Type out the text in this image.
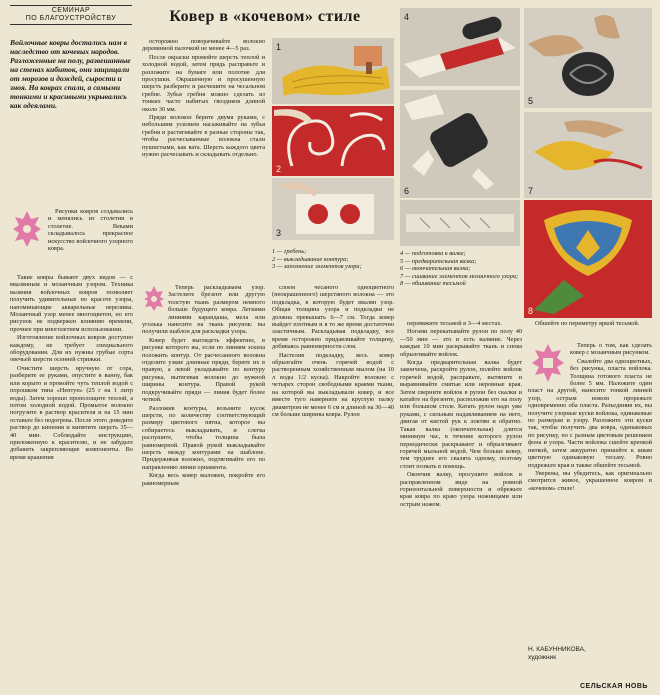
СЕМИНАР
ПО БЛАГОУСТРОЙСТВУ	Ковер в «кочевом» стиле
Войлочные ковры достались нам в наследство от кочевых народов. Разложенные на полу, развешанные на стенах кибиток, они защищали от морозов и дождей, сырости и зноя. На коврах спали, а самыми тонкими и красивыми укрывались как одеялами.

Рисунки ковров создавались и менялись из столетия в столетие. Веками складывалось прекрасное искусство войлочного узорного ковра.

Такие ковры бывают двух видов — с ввалянным и мозаичным узором. Техника валяния войлочных ковров позволяет получить удивительные по красоте узоры, напоминающие акварельные переливы. Мозаичный узор менее многоцветен, но его рисунок не подвержен влиянию времени, прочнее при многолетнем использовании.

Изготовление войлочных ковров доступно каждому, не требует специального оборудования. Для их нужны грубые сорта овечьей шерсти осенней стрижки.

Очистите шерсть вручную от сора, разберите ее руками, опустите в ванну, бак или корыто и промойте чуть теплой водой с порошком типа «Нептун» (25 г на 1 литр воды). Затем хорошо прополощите теплой, а потом холодной водой. Промытое волокно погрузите в раствор красителя и на 15 мин оставьте без подогрева. После этого доведите раствор до кипения и кипятите шерсть 35—40 мин. Соблюдайте инструкцию, приложенную к красителю, и не забудьте добавить закрепляющие компоненты. Во время крашения

осторожно поворачивайте волокно деревянной палочкой не менее 4—5 раз.

После окраски промойте шерсть теплой и холодной водой, затем прядь расправьте и разложите на бумаге или полотне для просушки. Окрашенную и просушенную шерсть разберите и расчешите на чесальном гребне. Зубья гребня можно сделать из тонких часто набитых гвоздиков длиной около 30 мм.

Пряди волокон берите двумя руками, с небольшим усилием насаживайте на зубья гребня и растягивайте в разные стороны так, чтобы расчесываемые волокна стали пушистыми, как вата. Шерсть каждого цвета нужно расчесывать и складывать отдельно.

1
2
3

Теперь раскладываем узор. Застелите брезент или другую толстую ткань размером немного больше будущего ковра. Легкими линиями карандаша, мела или уголька нанесите на ткань рисунок: вы получили шаблон для раскладки узора.

Ковер будет выглядеть эффектнее, в рисунке которого вы, если по линиям эскиза положить контур. От расчесанного волокна отделите узкие длинные пряди, берите их в правую, а левой укладывайте по контуру рисунка, вытягивая волокно до нужной ширины контура. Правой рукой подкручивайте пряди — линия будет более четкой.

Разложив контуры, возьмите кусок шерсти, по количеству соответствующий размеру цветового пятна, которое вы собираетесь выкладывать, и слегка распушите, чтобы толщина была равномерной. Правой рукой выкладывайте шерсть между контурами на шаблоне. Придерживая волокно, подтягивайте его по направлению линии орнамента.

Когда весь ковер выложен, покройте его равномерным

1 — гребень;
2 — выкладывание контура;
3 — заполнение элементов узора;

слоем чесаного одноцветного (неокрашенного) шерстяного волокна — это подкладка, в которую будет ввалян узор. Общая толщина узора и подкладки не должна превышать 6—7 см. Тогда ковер выйдет плотным и в то же время достаточно эластичным. Раскладывая подкладку, все время осторожно придавливайте толщину, добиваясь равномерности слоя.

Настелив подкладку, весь ковер обрызгайте очень горячей водой с растворенным хозяйственным мылом (на 10 л воды 1/2 куска). Накройте волокно с четырех сторон свободными краями ткани, на которой вы выкладывали ковер, и все вместе туго наверните на круглую палку диаметром не менее 6 см и длиной на 30—40 см больше ширины ковра. Рулон

4
5
6	7
8
4 — подготовка к валке;
5 — предварительная валка;
6 — окончательная валка;
7 — сшивание элементов мозаичного узора;
8 — обшивание тесьмой

перевяжите тесьмой в 3—4 местах.

Ногами перекатывайте рулон по полу 40—50 мин — это и есть валяние. Через каждые 10 мин раскрывайте ткань и снова обрызгивайте войлок.

Когда предварительная валка будет закончена, раскройте рулон, полейте войлок горячей водой, расправьте, вытяните и выравнивайте смятые или неровные края. Затем сверните войлок в рулон без скалки и катайте на брезенте, расположив его на полу или большом столе. Катать рулон надо уже руками, с сильным надавливанием на него, двигая от кистей рук к локтям и обратно. Такая валка (окончательная) длится минимум час, в течение которого рулон периодически раскрывают и обрызгивают горячей мыльной водой. Чем больше ковер, тем труднее его свалять одному, поэтому стоит позвать в помощь.

Окончив валку, просушите войлок в расправленном виде на ровной горизонтальной поверхности и обрежьте края ковра по краю узора ножницами или острым ножом.

Обшейте по периметру яркой тесьмой.

Теперь о том, как сделать ковер с мозаичным рисунком.

Свалейте два одноцветных, без рисунка, пласта войлока. Толщина готового пласта не более 5 мм. Наложите один пласт на другой, нанесите тонкой линией узор, острым ножом прорежьте одновременно оба пласта. Разъединив их, вы получите узорные куски войлока, одинаковые по размерам и узору. Разложите эти куски так, чтобы получить два ковра, одинаковых по рисунку, но с разным цветовым решением фона и узора. Части войлока сшейте крепкой ниткой, затем аккуратно пришейте к швам цветную одинаковую тесьму. Ровно подрежьте края и также обшейте тесьмой.

Уверены, вы убедитесь, как оригинально смотрится живое, украшенное ковром в «кочевом» стиле!

Н. КАБУННИКОВА,
художник
СЕЛЬСКАЯ НОВЬ
